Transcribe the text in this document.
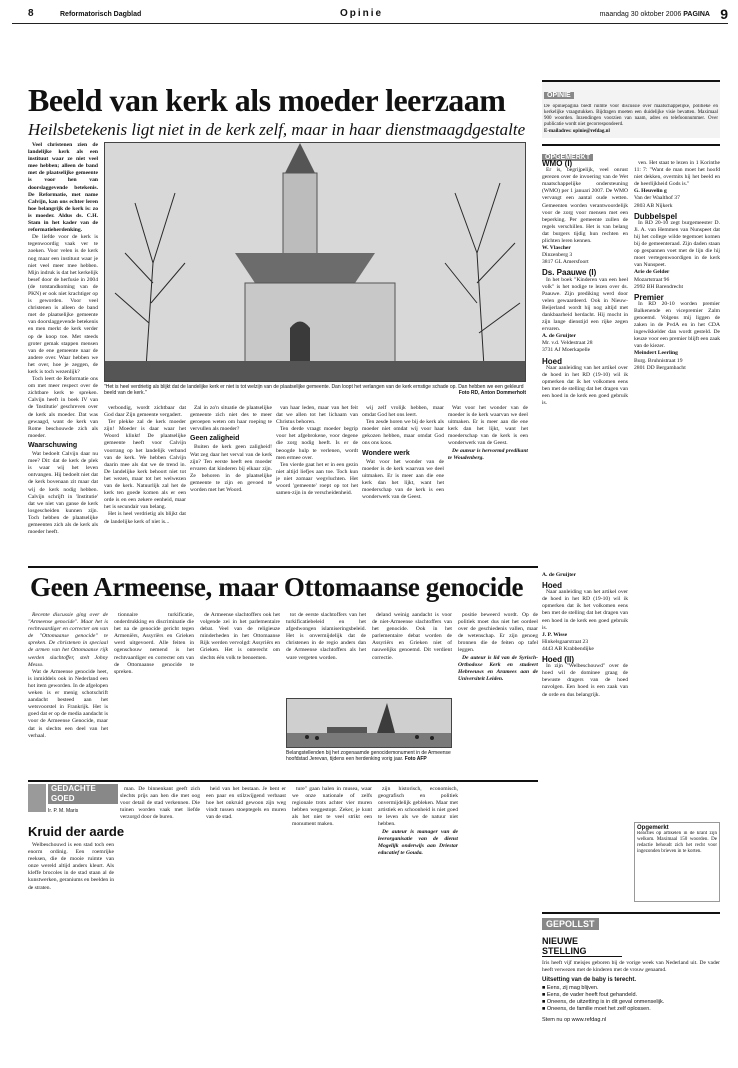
8	Reformatorisch Dagblad	Opinie	maandag 30 oktober 2006 PAGINA 9
Beeld van kerk als moeder leerzaam
Heilsbetekenis ligt niet in de kerk zelf, maar in haar dienstmaagdgestalte

Veel christenen zien de landelijke kerk als een instituut waar ze niet veel mee hebben; alleen de band met de plaatselijke gemeente is voor hen van doorslaggevende betekenis. De Reformatie, met name Calvijn, kan ons echter leren hoe belangrijk de kerk is: zo is moeder. Aldus ds. C.H. Stam in het kader van de reformatieherdenking.

De liefde voor de kerk is tegenwoordig vaak ver te zoeken. Voor velen is de kerk nog maar een instituut waar je niet veel meer mee hebben. Mijn indruk is dat het kerkelijk besef door de herfusie in 2004 (de totstandkoming van de PKN) er ook niet krachtiger op is geworden. Voor veel christenen is alleen de band met de plaatselijke gemeente van doorslaggevende betekenis en men merkt de kerk verder op de koop toe. Met steeds groter gemak stappen mensen van de ene gemeente naar de andere over. Waar hebben we het over, hoe je zeggen, de kerk is toch wezenlijk?

Toch leert de Reformatie ons om met meer respect over de zichtbare kerk te spreken. Calvijn heeft in boek IV van de 'Institutie' geschreven over de kerk als moeder. Dat was gewaagd, want de kerk van Rome beschouwde zich als moeder.

Waarschuwing

Wat bedoelt Calvijn daar nu mee? Dit: dat de kerk de plek is waar wij het leven ontvangen. Hij bedoelt niet dat de kerk bovenaan zit maar dat wij de kerk nodig hebben. Calvijn schrijft in 'Institutie' dat we niet van ganse de kerk losgescheiden kunnen zijn. Toch hebben de plaatselijke gemeenten zich als de kerk als moeder heeft.

"Het is heel verdrietig als blijkt dat de landelijke kerk er niet is tot welzijn van de plaatselijke gemeente. Dan loopt het verlangen van de kerk ernstige schade op. Dan hebben we een gekleurd beeld van de kerk."	Foto RD, Anton Dommerholt

verbondig, wordt zichtbaar dat God daar Zijn gemeente vergadert.

Ter plekke zal de kerk moeder zijn! Moeder is daar waar het Woord klinkt! De plaatselijke gemeente heeft voor Calvijn voorrang op het landelijk verband van de kerk. We hebben Calvijn daarin mee als dat we de trend in. De landelijke kerk behoort niet tot het wezen, maar tot het welwezen van de kerk. Natuurlijk zal het de kerk ten goede komen als er een orde is en een zekere eenheid, maar het is secundair van belang.

Het is heel verdrietig als blijkt dat de landelijke kerk of niet is...

Zal in zo'n situatie de plaatselijke gemeente zich niet des te meer geroepen weten om haar roeping te vervullen als moeder?

Geen zaligheid

Buiten de kerk geen zaligheid! Wat zeg daar het verval van de kerk zijn? Ten eerste heeft een moeder ervaren dat kinderen bij elkaar zijn. Ze behoren in de plaatselijke gemeente te zijn en gevoed te worden met het Woord.

van haar leden, maar van het feit dat we allen tot het lichaam van Christus behoren.

Ten derde vraagt moeder begrip voor het afgebrokene, voor degene die zorg nodig heeft. Is er de beoogde hulp te verlenen, wordt men ermee over.

Ten vierde gaat het er in een gezin niet altijd liefjes aan toe. Toch kun je niet zomaar wegvluchten. Het woord 'gemeente' roept op tot het samen-zijn in de verscheidenheid.

wij zelf vrolijk hebben, maar omdat God het ons leert.

Ten zesde horen we bij de kerk als moeder niet omdat wij voor haar gekozen hebben, maar omdat God ons ons koos.

Wondere werk

Wat voor het wonder van de moeder is de kerk waarvan we deel uitmaken. Er is meer aan die ene kerk dan het lijkt, want het moederschap van de kerk is een wonderwerk van de Geest.

Wat voor het wonder van de moeder is de kerk waarvan we deel uitmaken. Er is meer aan die ene kerk dan het lijkt, want het moederschap van de kerk is een wonderwerk van de Geest.

De auteur is hervormd predikant te Woudenberg.

OPINIE
De opiniepagina biedt ruimte voor discussie over maatschappelijke, politieke en kerkelijke vraagstukken. Bijdragen moeten een duidelijke visie bevatten. Maximaal 900 woorden. Inzendingen voorzien van naam, adres en telefoonnummer. Over publicatie wordt niet gecorrespondeerd.
E-mailadres: opinie@refdag.nl
OPGEMERKT
WMO (I)

Er is, begrijpelijk, veel onrust gerezen over de invoering van de Wet maatschappelijke ondersteuning (WMO) per 1 januari 2007. De WMO vervangt een aantal oude wetten. Gemeenten worden verantwoordelijk voor de zorg voor mensen met een beperking. Per gemeente zullen de regels verschillen. Het is van belang dat burgers tijdig hun rechten en plichten leren kennen.

W. Vlascher
Dinzenberg 3
3817 GL Amersfoort
Ds. Paauwe (I)

In het boek "Kinderen van een heel volk" is het nodige te lezen over ds. Paauwe. Zijn prediking werd door velen gewaardeerd. Ook in Nieuw-Beijerland wordt hij nog altijd met dankbaarheid herdacht. Hij mocht in zijn lange dienstijd een rijke zegen ervaren.

A. de Gruijter
Mr. v.d. Veldestraat 28
3731 AJ Moerkapelle
Hoed

Naar aanleiding van het artikel over de hoed in het RD (19-10) wil ik opmerken dat ik het volkomen eens ben met de stelling dat het dragen van een hoed in de kerk een goed gebruik is.

ven. Het staat te lezen in 1 Korinthe 11: 7: "Want de man moet het hoofd niet dekken, overmits hij het beeld en de heerlijkheid Gods is."

G. Heuvelin g
Van der Waalthof 37
2803 AB Nijkerk
Dubbelspel

In RD 20-10 zegt burgemeester D. Ji. A. van Hemmen van Nunspeet dat hij het college wilde tegemoet komen bij de gemeenteraad. Zijn daden staan op gespannen voet met de lijn die hij moet vertegenwoordigen in de kerk van Nunspeet.

Arie de Gelder
Mozartstraat 96
2992 BH Barendrecht
Premier

In RD 20-10 worden premier Balkenende en vicepremier Zalm genoemd. Volgens mij liggen de zaken in de PvdA en in het CDA ingewikkelder dan wordt gesteld. De keuze voor een premier blijft een zaak van de kiezer.

Meindert Leerling
Burg. Bruhnistraat 19
2801 DD Bergambacht
Geen Armeense, maar Ottomaanse genocide

Recente discussie ging over de "Armeense genocide". Maar het is rechtvaardiger en correcter om van de "Ottomaanse genocide" te spreken. De christenen in speciaal de armen van het Ottomaanse rijk werden slachtoffer, stelt Johny Messo.

Wat de Armeense genocide heet, is inmiddels ook in Nederland een hot item geworden. In de afgelopen weken is er menig schotschrift aandacht besteed aan het wetsvoorstel in Frankrijk. Het is goed dat er op de media aandacht is voor de Armeense Genocide, maar dat is slechts een deel van het verhaal.

tionnaire turkificatie, onderdrukking en discriminatie die het na de genocide gericht tegen Armeniërs, Assyriërs en Grieken werd uitgevoerd. Alle feiten in ogenschouw nemend is het rechtvaardiger en correcter om van de Ottomaanse genocide te spreken.

de Armeense slachtoffers ook het volgende zei in het parlementaire debat. Veel van de religieuze minderheden in het Ottomaanse Rijk werden vervolgd: Assyriërs en Grieken. Het is onterecht om slechts één volk te benoemen.

tot de eerste slachtoffers van het turkificatiebeleid en het afgedwongen islamiseringsbeleid. Het is onvermijdelijk dat de christenen in de regio anders dan de Armeense slachtoffers als het ware vergeten worden.

deland weinig aandacht is voor de niet-Armeense slachtoffers van het genocide. Ook in het parlementaire debat worden de Assyriërs en Grieken niet of nauwelijks genoemd. Dit verdient correctie.

positie beweerd wordt. Op de politiek moet dus niet het oordeel over de geschiedenis vallen, maar de wetenschap. Er zijn genoeg bronnen die de feiten op tafel leggen.

De auteur is lid van de Syrisch-Orthodoxe Kerk en studeert Hebreeuws en Aramees aan de Universiteit Leiden.

Belangstellenden bij het zogenaamde genocidemonument in de Armeense hoofdstad Jerevan, tijdens een herdenking vorig jaar. Foto AFP
GEDACHTE
GOED
Ir. P. M. Maris
Kruid der aarde

Welbeschouwd is een stad toch een enorm ordinig. Een roemrijke reeksen, die de mooie ruimte van onze wereld altijd anders kleurt. Als kleffe brocoles in de stad staan al de kunstwerken, geraniums en beelden in de straten.

man. De binnenkant geeft zich slechts prijs aan hen die met oog voor detail de stad verkennen. Die tuinen worden vaak met liefde verzorgd door de buren.

heid van het bestaan. Je bent er een paar en stilzwijgend verbaast hoe het onkruid gewoon zijn weg vindt tussen stoeptegels en muren van de stad.

ture" gaan halen in musea, waar we onze nationale of zelfs regionale trots achter vier muren hebben weggestopt. Zeker, je kunt als het niet te veel strikt een monument maken.

zijn historisch, economisch, geografisch en politiek onvermijdelijk gebleken. Maar met artistiek en schoonheid is niet goed te leven als we de natuur niet hebben.

De auteur is manager van de leerorganisatie van de dienst Mogelijk onderwijs aan Driestar educatief te Gouda.

A. de Gruijter
Hoed

Naar aanleiding van het artikel over de hoed in het RD (19-10) wil ik opmerken dat ik het volkomen eens ben met de stelling dat het dragen van een hoed in de kerk een goed gebruik is.

J. P. Wisse
Hinkelsgaarstraat 23
4443 AB Krabbendijke
Hoed (II)

In zijn "Welbeschouwd" over de hoed wil de dominee graag de bewuste dragers van de hoed navolgen. Een hoed is een zaak van de orde en dus belangrijk.

Opgemerkt
Reacties op artikelen in de krant zijn welkom. Maximaal 150 woorden. De redactie behoudt zich het recht voor ingezonden brieven in te korten.
GEPOLLST
NIEUWE STELLING
Iris heeft vijf meisjes geboren bij de vorige week van Nederland uit. De vader heeft verwezen met de kinderen met de vrouw genaamd.
Uitsetting van de baby is terecht.
■ Eens, zij mag blijven.
■ Eens, de vader heeft fout gehandeld.
■ Oneens, de uitzetting is in dit geval onmenselijk.
■ Oneens, de familie moet het zelf oplossen.
Stem nu op www.refdag.nl
